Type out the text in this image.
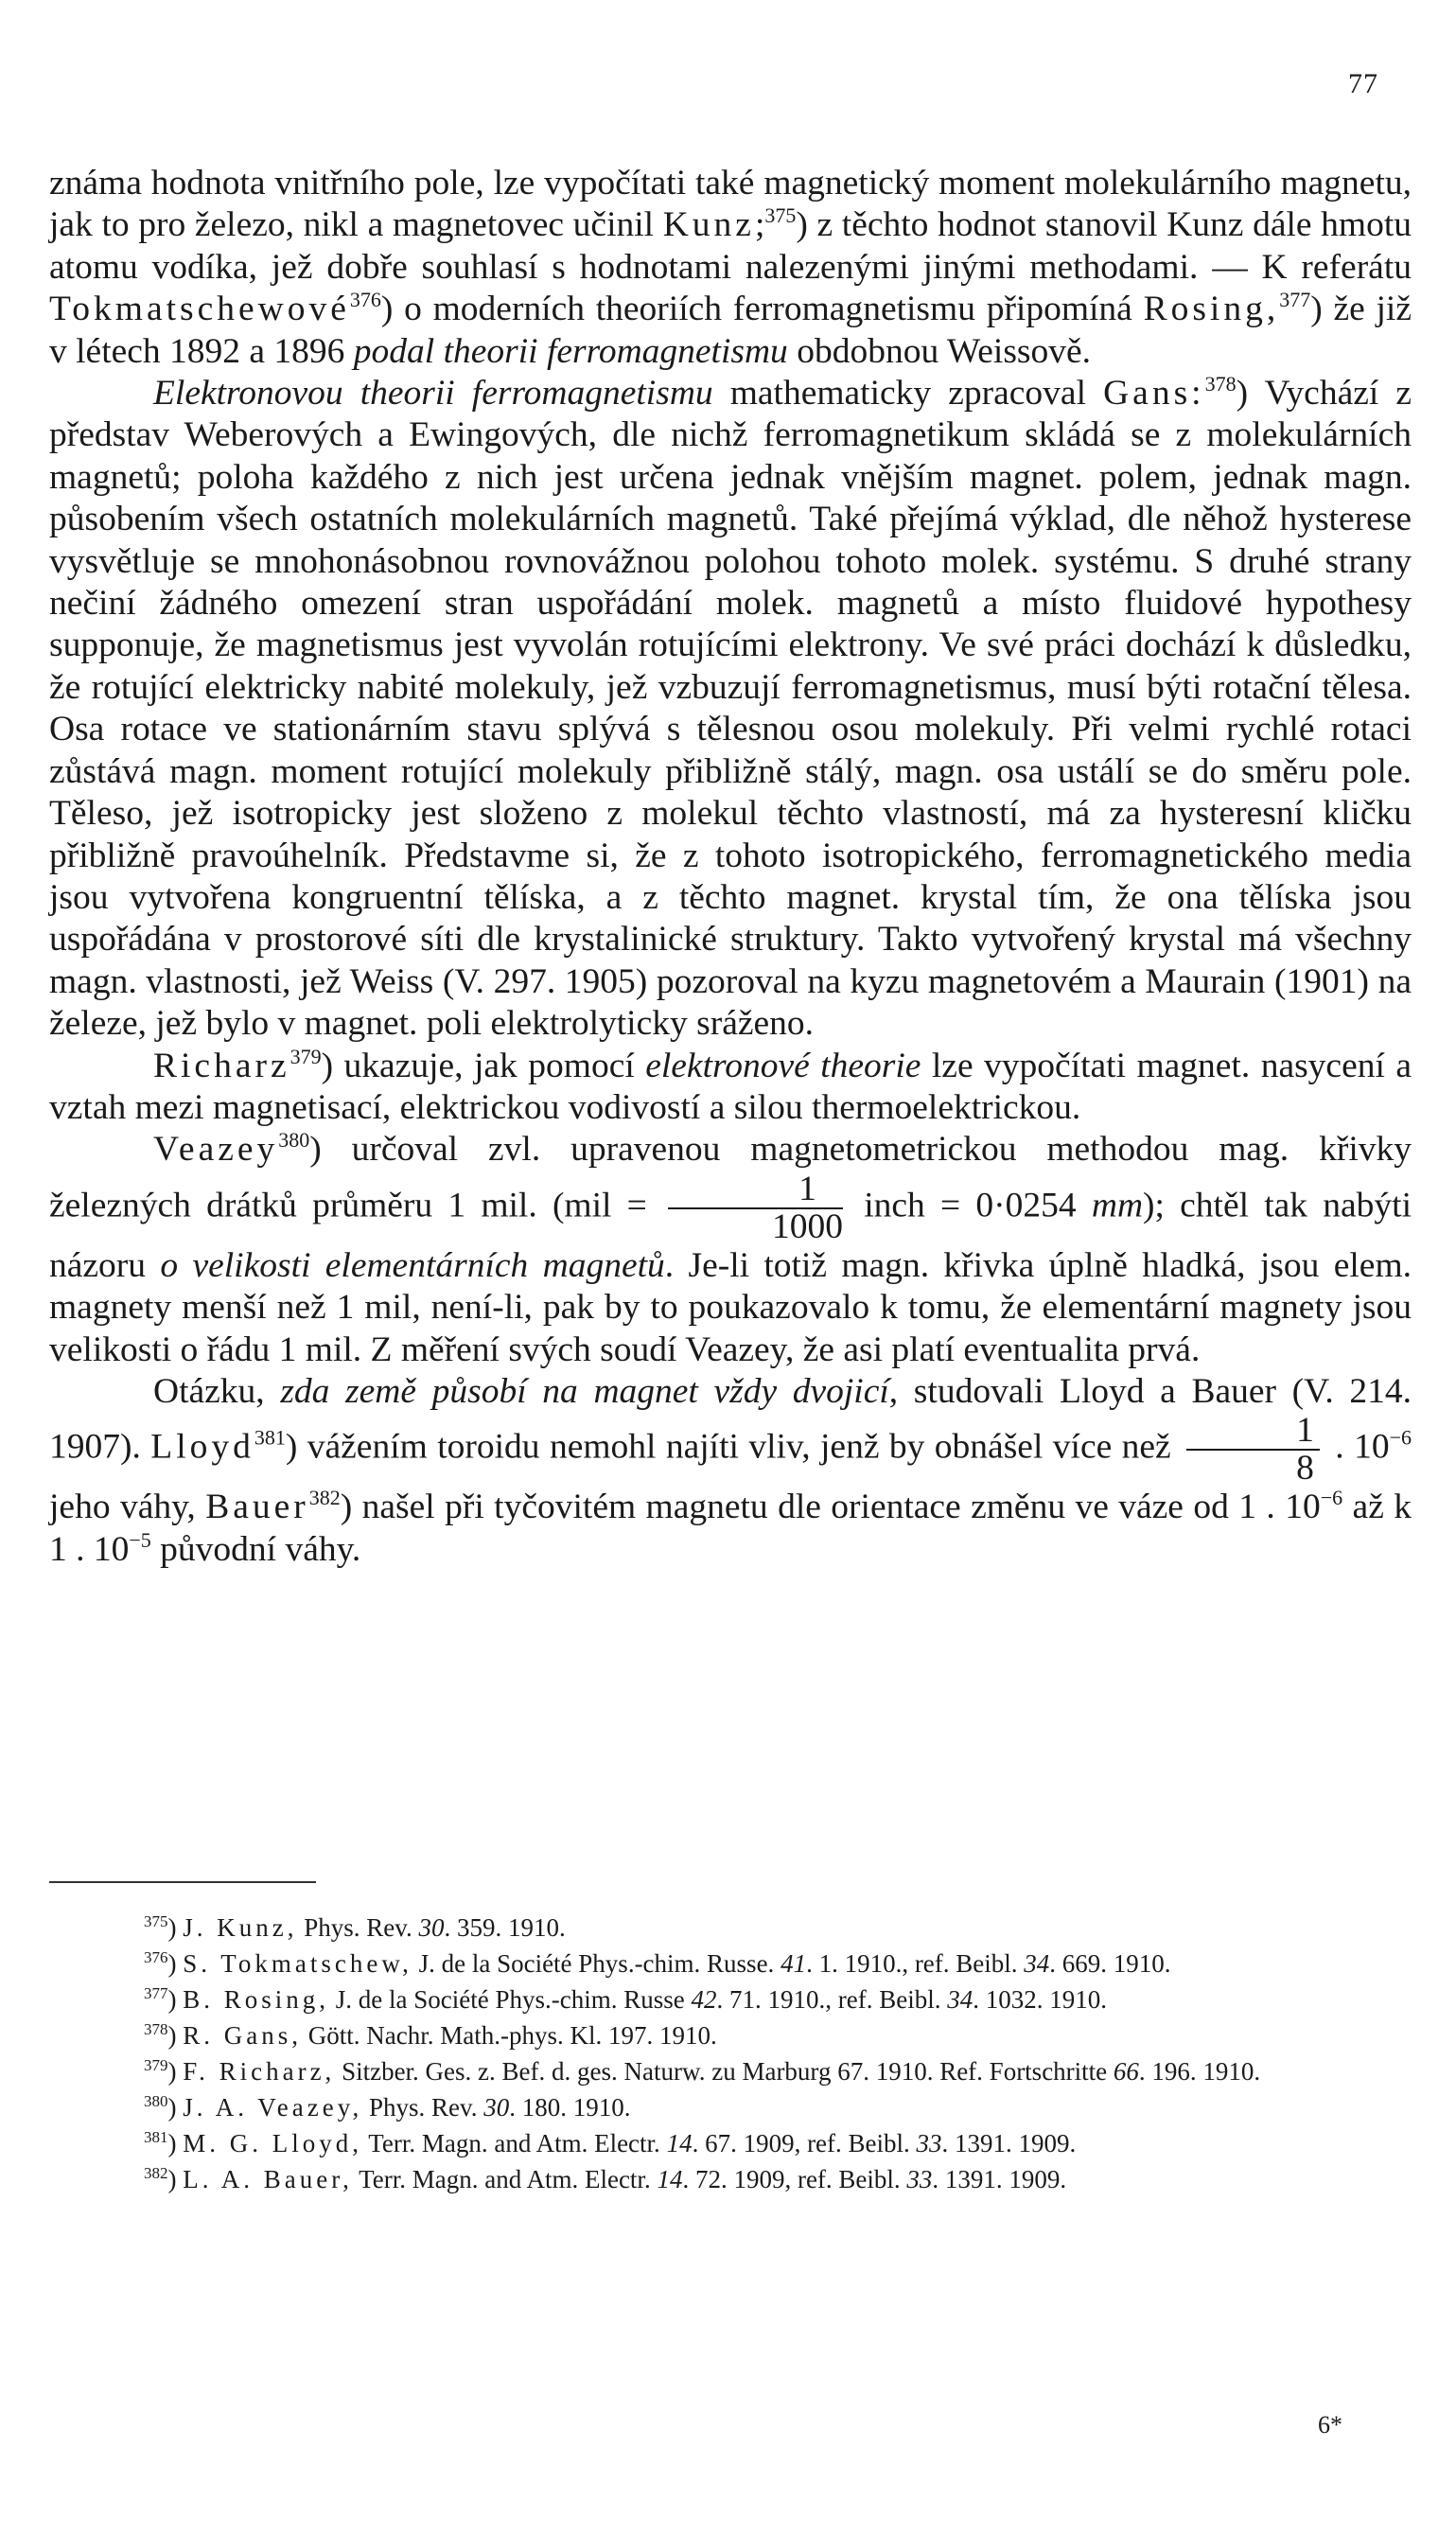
77

známa hodnota vnitřního pole, lze vypočítati také magnetický moment molekulárního magnetu, jak to pro železo, nikl a magnetovec učinil Kunz;$^{375}$) z těchto hodnot stanovil Kunz dále hmotu atomu vodíka, jež dobře souhlasí s hodnotami nalezenými jinými methodami. — K referátu Tokmatschewové$^{376}$) o moderních theoriích ferromagnetismu připomíná Rosing,$^{377}$) že již v létech 1892 a 1896 podal theorii ferromagnetismu obdobnou Weissově.

Elektronovou theorii ferromagnetismu mathematicky zpracoval Gans:$^{378}$) Vychází z představ Weberových a Ewingových, dle nichž ferromagnetikum skládá se z molekulárních magnetů; poloha každého z nich jest určena jednak vnějším magnet. polem, jednak magn. působením všech ostatních molekulárních magnetů. Také přejímá výklad, dle něhož hysterese vysvětluje se mnohonásobnou rovnovážnou polohou tohoto molek. systému. S druhé strany nečiní žádného omezení stran uspořádání molek. magnetů a místo fluidové hypothesy supponuje, že magnetismus jest vyvolán rotujícími elektrony. Ve své práci dochází k důsledku, že rotující elektricky nabité molekuly, jež vzbuzují ferromagnetismus, musí býti rotační tělesa. Osa rotace ve stationárním stavu splývá s tělesnou osou molekuly. Při velmi rychlé rotaci zůstává magn. moment rotující molekuly přibližně stálý, magn. osa ustálí se do směru pole. Těleso, jež isotropicky jest složeno z molekul těchto vlastností, má za hysteresní kličku přibližně pravoúhelník. Představme si, že z tohoto isotropického, ferromagnetického media jsou vytvořena kongruentní tělíska, a z těchto magnet. krystal tím, že ona tělíska jsou uspořádána v prostorové síti dle krystalinické struktury. Takto vytvořený krystal má všechny magn. vlastnosti, jež Weiss (V. 297. 1905) pozoroval na kyzu magnetovém a Maurain (1901) na železe, jež bylo v magnet. poli elektrolyticky sráženo.

Richarz$^{379}$) ukazuje, jak pomocí elektronové theorie lze vypočítati magnet. nasycení a vztah mezi magnetisací, elektrickou vodivostí a silou thermoelektrickou.

Veazey$^{380}$) určoval zvl. upravenou magnetometrickou methodou mag. křivky železných drátků průměru 1 mil. ($mil = \frac{1}{1000}$ inch = 0·0254 mm); chtěl tak nabýti názoru o velikosti elementárních magnetů. Je-li totiž magn. křivka úplně hladká, jsou elem. magnety menší než 1 mil, není-li, pak by to poukazovalo k tomu, že elementární magnety jsou velikosti o řádu 1 mil. Z měření svých soudí Veazey, že asi platí eventualita prvá.

Otázku, zda země působí na magnet vždy dvojicí, studovali Lloyd a Bauer (V. 214. 1907). Lloyd$^{381}$) vážením toroidu nemohl najíti vliv, jenž by obnášel více než $\frac{1}{8}$ . $10^{-6}$ jeho váhy, Bauer$^{382}$) našel při tyčovitém magnetu dle orientace změnu ve váze od 1 . $10^{-6}$ až k 1 . $10^{-5}$ původní váhy.

$^{375}$) J. Kunz, Phys. Rev. 30. 359. 1910.

$^{376}$) S. Tokmatschew, J. de la Société Phys.-chim. Russe. 41. 1. 1910., ref. Beibl. 34. 669. 1910.

$^{377}$) B. Rosing, J. de la Société Phys.-chim. Russe 42. 71. 1910., ref. Beibl. 34. 1032. 1910.

$^{378}$) R. Gans, Gött. Nachr. Math.-phys. Kl. 197. 1910.

$^{379}$) F. Richarz, Sitzber. Ges. z. Bef. d. ges. Naturw. zu Marburg 67. 1910. Ref. Fortschritte 66. 196. 1910.

$^{380}$) J. A. Veazey, Phys. Rev. 30. 180. 1910.

$^{381}$) M. G. Lloyd, Terr. Magn. and Atm. Electr. 14. 67. 1909, ref. Beibl. 33. 1391. 1909.

$^{382}$) L. A. Bauer, Terr. Magn. and Atm. Electr. 14. 72. 1909, ref. Beibl. 33. 1391. 1909.

6*
